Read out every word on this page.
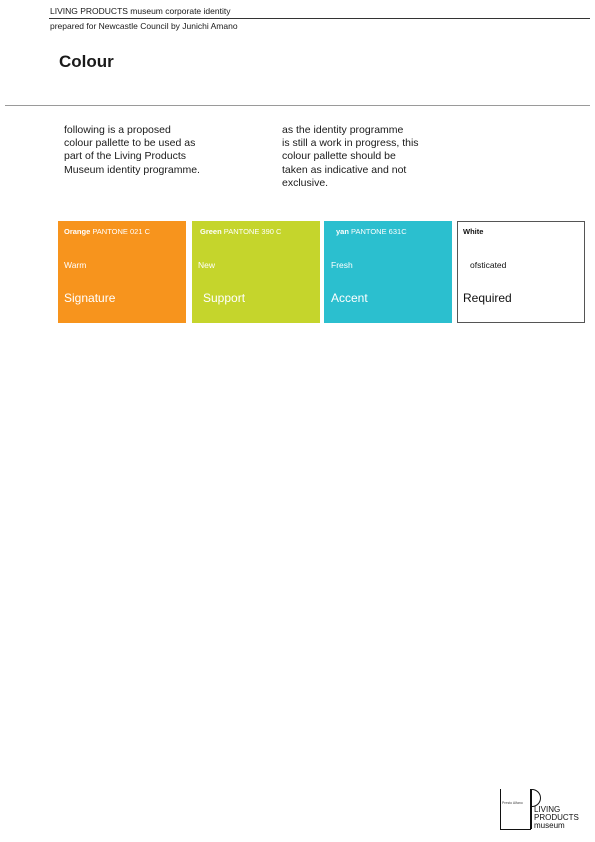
LIVING PRODUCTS museum corporate identity
prepared for Newcastle Council by Junichi Amano
Colour
following is a proposed
colour pallette to be used as
part of the Living Products
Museum identity programme.
as the identity programme
is still a work in progress, this
colour pallette should be
taken as indicative and not
exclusive.
Orange PANTONE 021 C
Warm
Signature
Green PANTONE 390 C
New
Support
yan PANTONE 631C
Fresh
Accent
White
ofsticated
Required
Presto Alfano
LIVING
PRODUCTS
museum
